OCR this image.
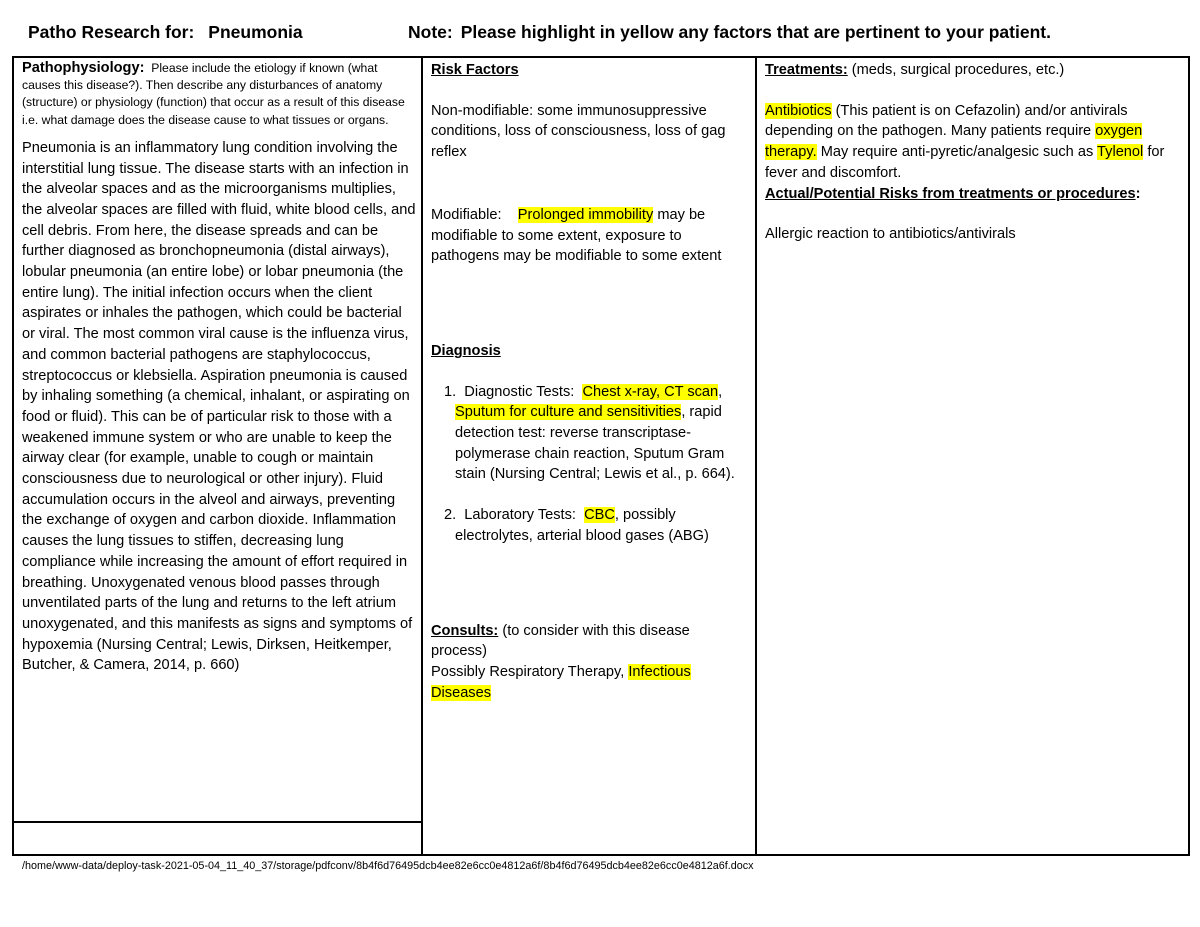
Patho Research for: Pneumonia	Note: Please highlight in yellow any factors that are pertinent to your patient.

Pathophysiology: Please include the etiology if known (what causes this disease?). Then describe any disturbances of anatomy (structure) or physiology (function) that occur as a result of this disease i.e. what damage does the disease cause to what tissues or organs.

Pneumonia is an inflammatory lung condition involving the interstitial lung tissue. The disease starts with an infection in the alveolar spaces and as the microorganisms multiplies, the alveolar spaces are filled with fluid, white blood cells, and cell debris. From here, the disease spreads and can be further diagnosed as bronchopneumonia (distal airways), lobular pneumonia (an entire lobe) or lobar pneumonia (the entire lung). The initial infection occurs when the client aspirates or inhales the pathogen, which could be bacterial or viral. The most common viral cause is the influenza virus, and common bacterial pathogens are staphylococcus, streptococcus or klebsiella. Aspiration pneumonia is caused by inhaling something (a chemical, inhalant, or aspirating on food or fluid). This can be of particular risk to those with a weakened immune system or who are unable to keep the airway clear (for example, unable to cough or maintain consciousness due to neurological or other injury). Fluid accumulation occurs in the alveol and airways, preventing the exchange of oxygen and carbon dioxide. Inflammation causes the lung tissues to stiffen, decreasing lung compliance while increasing the amount of effort required in breathing. Unoxygenated venous blood passes through unventilated parts of the lung and returns to the left atrium unoxygenated, and this manifests as signs and symptoms of hypoxemia (Nursing Central; Lewis, Dirksen, Heitkemper, Butcher, & Camera, 2014, p. 660)

Risk Factors

Non-modifiable: some immunosuppressive conditions, loss of consciousness, loss of gag reflex

Modifiable: Prolonged immobility may be modifiable to some extent, exposure to pathogens may be modifiable to some extent

Diagnosis

1. Diagnostic Tests: Chest x-ray, CT scan, Sputum for culture and sensitivities, rapid detection test: reverse transcriptase-polymerase chain reaction, Sputum Gram stain (Nursing Central; Lewis et al., p. 664).

2. Laboratory Tests: CBC, possibly electrolytes, arterial blood gases (ABG)

Consults: (to consider with this disease process)

Possibly Respiratory Therapy, Infectious Diseases

Treatments: (meds, surgical procedures, etc.)

Antibiotics (This patient is on Cefazolin) and/or antivirals depending on the pathogen. Many patients require oxygen therapy. May require anti-pyretic/analgesic such as Tylenol for fever and discomfort.

Actual/Potential Risks from treatments or procedures:

Allergic reaction to antibiotics/antivirals

/home/www-data/deploy-task-2021-05-04_11_40_37/storage/pdfconv/8b4f6d76495dcb4ee82e6cc0e4812a6f/8b4f6d76495dcb4ee82e6cc0e4812a6f.docx
